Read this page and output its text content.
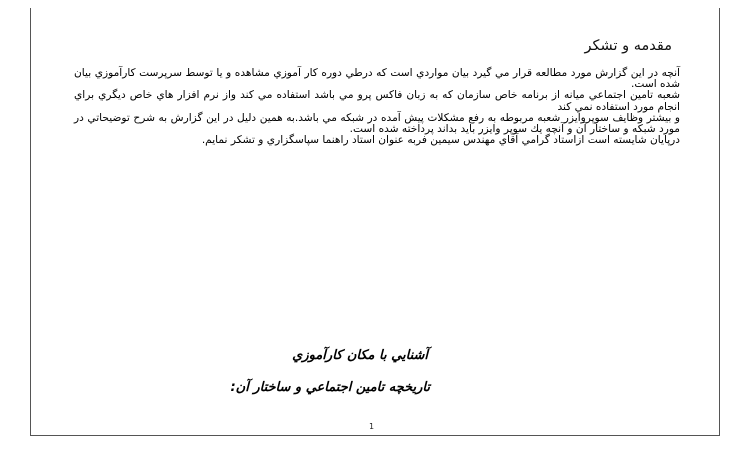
مقدمه و تشكر

آنچه در اين گزارش مورد مطالعه قرار مي گيرد بيان مواردي است كه درطي دوره كار آموزي مشاهده و يا توسط سرپرست كارآموزي بيان شده است.

شعبه تامين اجتماعي ميانه از برنامه خاص سازمان كه به زبان فاكس پرو مي باشد استفاده مي كند واز نرم افزار هاي خاص ديگري براي انجام مورد استفاده نمي كند

و بيشتر وظايف سوپروايزر شعبه مربوطه به رفع مشكلات پيش آمده در شبكه مي باشد.به همين دليل در اين گزارش به شرح توضيحاتي در مورد شبكه و ساختار آن و آنچه يك سوپر وايزر بايد بداند پرداخته شده است.

درپايان شايسته است ازاستاد گرامي آقاي مهندس سيمين فربه عنوان استاد راهنما سپاسگزاري و تشكر نمايم.

آشنايي با مكان كارآموزي
تاريخچه تامين اجتماعي و ساختار آن:
1
